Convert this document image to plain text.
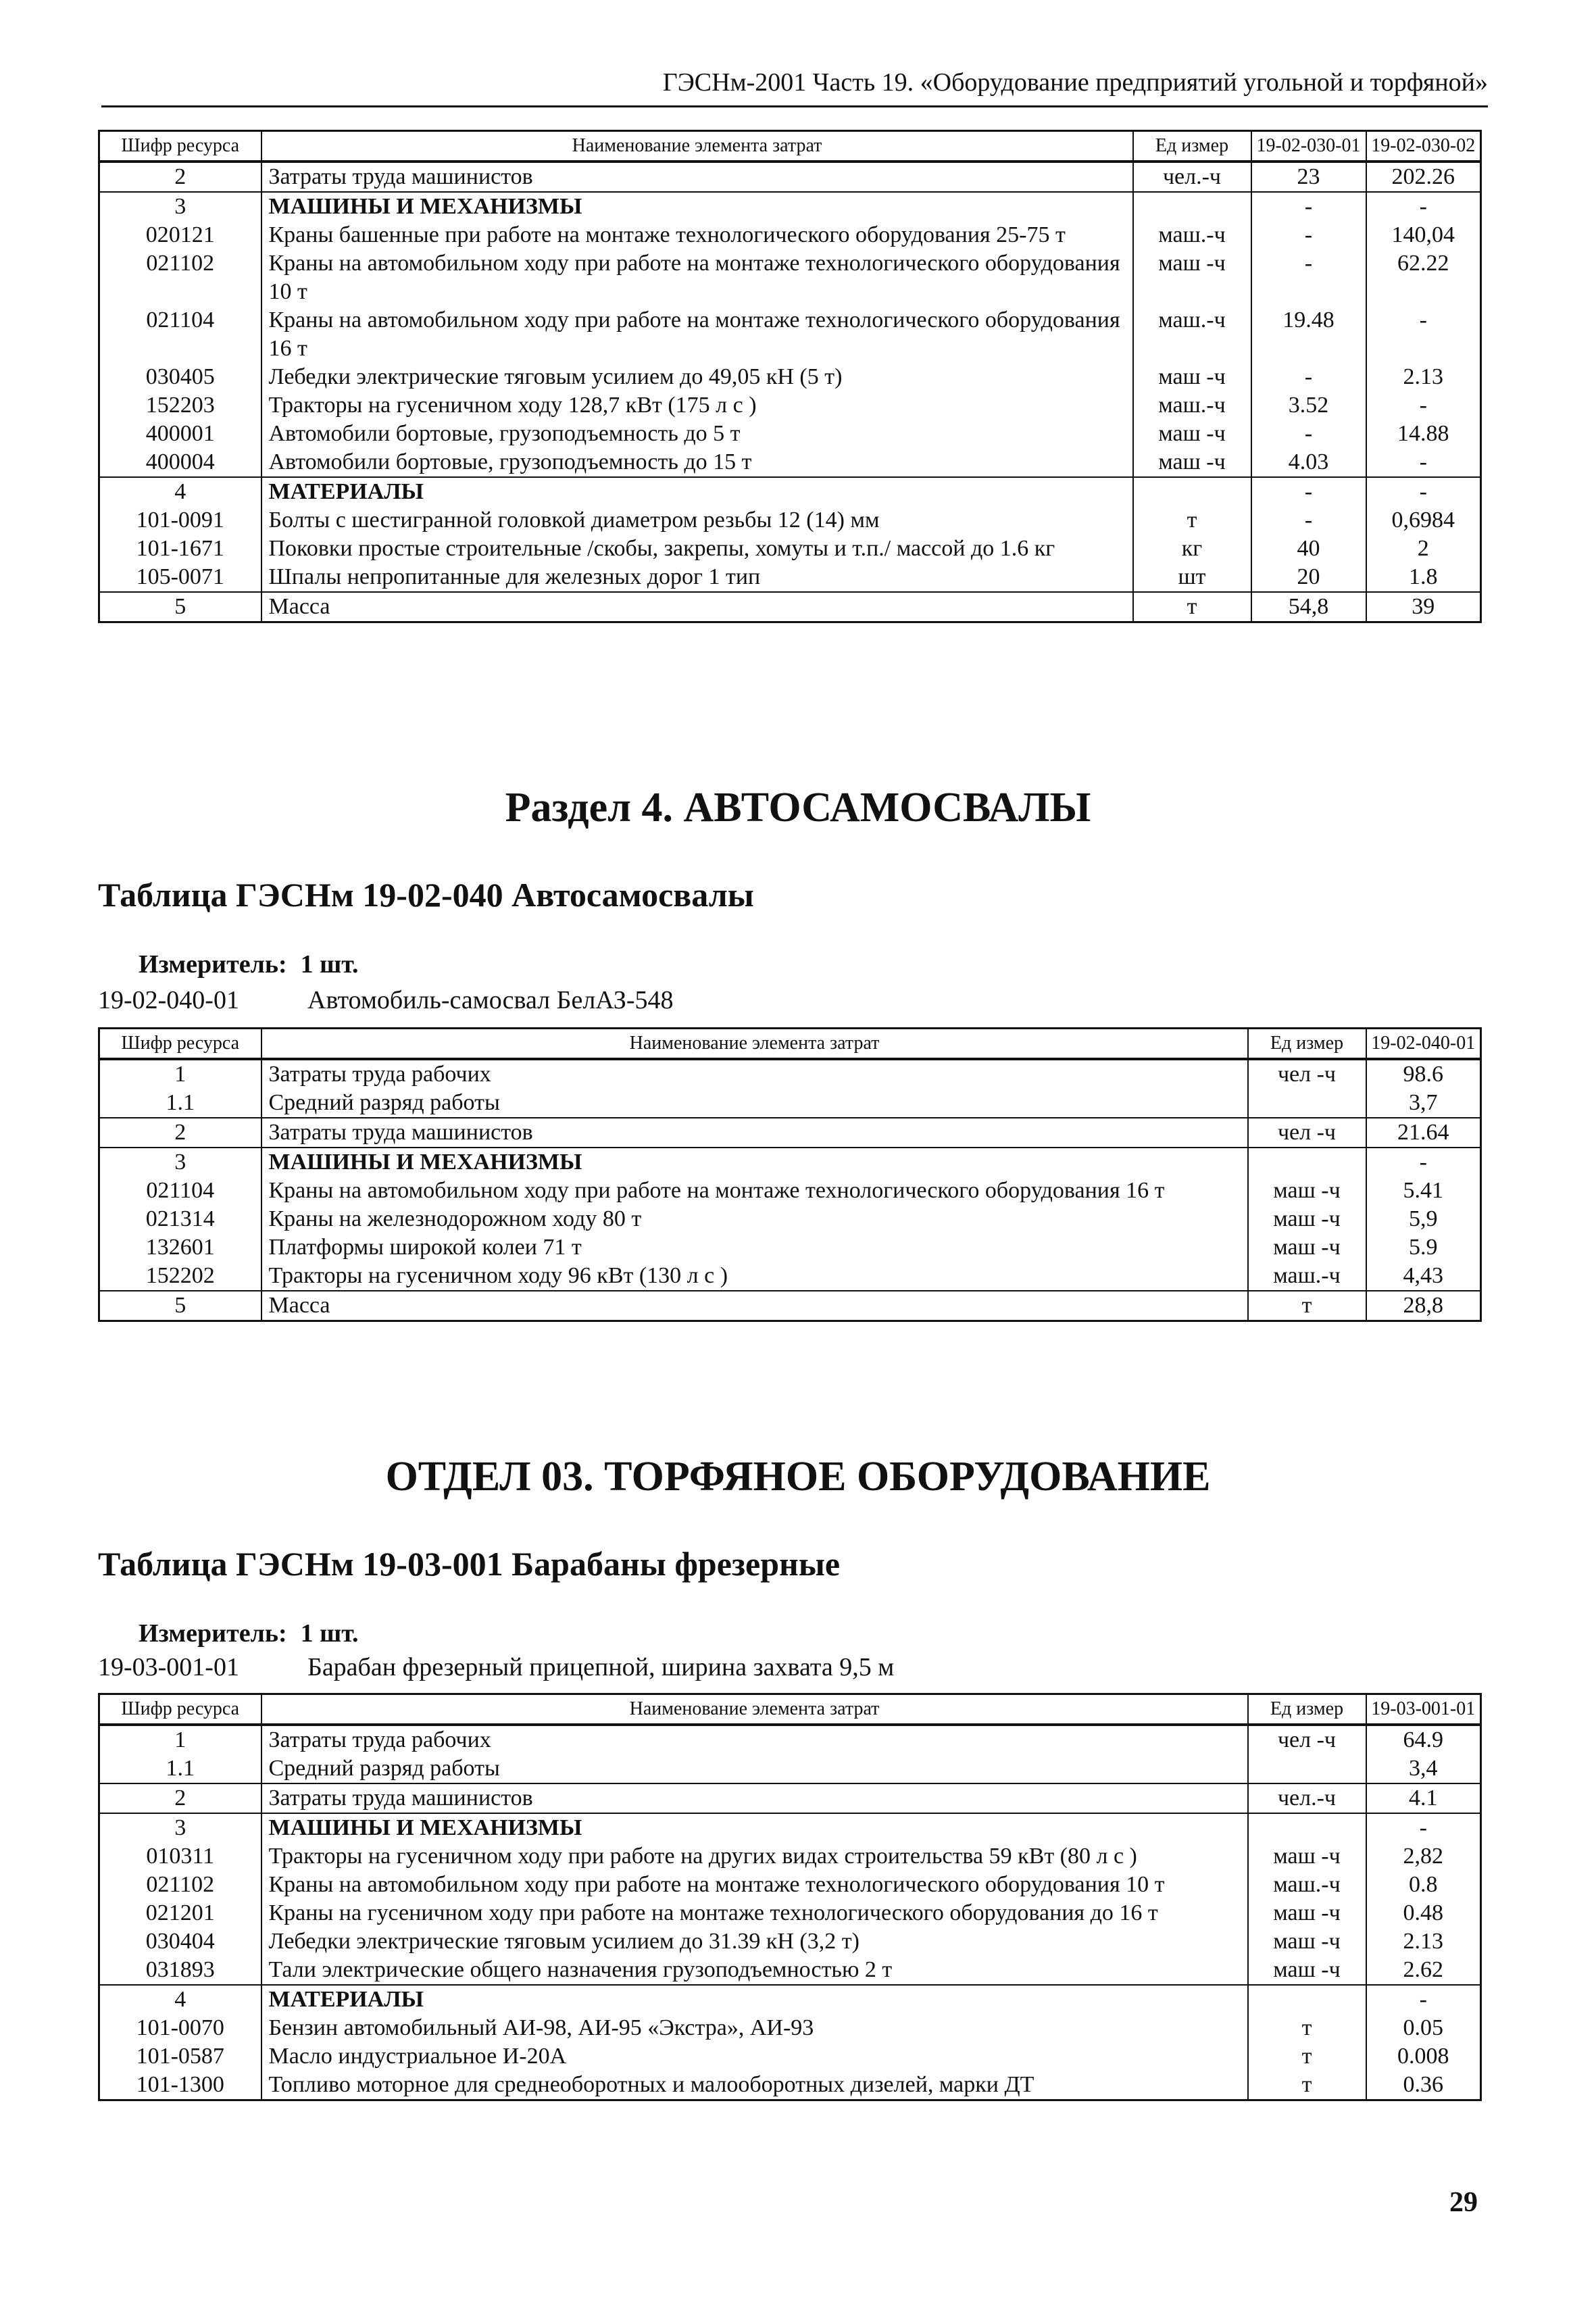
ГЭСНм-2001 Часть 19. «Оборудование предприятий угольной и торфяной»
Шифр ресурса	Наименование элемента затрат	Ед измер	19-02-030-01	19-02-030-02
2	Затраты труда машинистов	чел.-ч	23	202.26
3	МАШИНЫ И МЕХАНИЗМЫ		-	-
020121	Краны башенные при работе на монтаже технологического оборудования 25-75 т	маш.-ч	-	140,04
021102	Краны на автомобильном ходу при работе на монтаже технологического оборудования 10 т	маш -ч	-	62.22
021104	Краны на автомобильном ходу при работе на монтаже технологического оборудования 16 т	маш.-ч	19.48	-
030405	Лебедки электрические тяговым усилием до 49,05 кН (5 т)	маш -ч	-	2.13
152203	Тракторы на гусеничном ходу 128,7 кВт (175 л с )	маш.-ч	3.52	-
400001	Автомобили бортовые, грузоподъемность до 5 т	маш -ч	-	14.88
400004	Автомобили бортовые, грузоподъемность до 15 т	маш -ч	4.03	-
4	МАТЕРИАЛЫ		-	-
101-0091	Болты с шестигранной головкой диаметром резьбы 12 (14) мм	т	-	0,6984
101-1671	Поковки простые строительные /скобы, закрепы, хомуты и т.п./ массой до 1.6 кг	кг	40	2
105-0071	Шпалы непропитанные для железных дорог 1 тип	шт	20	1.8
5	Масса	т	54,8	39
Раздел 4. АВТОСАМОСВАЛЫ
Таблица ГЭСНм 19-02-040 Автосамосвалы
Измеритель: 1 шт.
19-02-040-01	Автомобиль-самосвал БелАЗ-548
Шифр ресурса	Наименование элемента затрат	Ед измер	19-02-040-01
1	Затраты труда рабочих	чел -ч	98.6
1.1	Средний разряд работы		3,7
2	Затраты труда машинистов	чел -ч	21.64
3	МАШИНЫ И МЕХАНИЗМЫ		-
021104	Краны на автомобильном ходу при работе на монтаже технологического оборудования 16 т	маш -ч	5.41
021314	Краны на железнодорожном ходу 80 т	маш -ч	5,9
132601	Платформы широкой колеи 71 т	маш -ч	5.9
152202	Тракторы на гусеничном ходу 96 кВт (130 л с )	маш.-ч	4,43
5	Масса	т	28,8
ОТДЕЛ 03. ТОРФЯНОЕ ОБОРУДОВАНИЕ
Таблица ГЭСНм 19-03-001 Барабаны фрезерные
Измеритель: 1 шт.
19-03-001-01	Барабан фрезерный прицепной, ширина захвата 9,5 м
Шифр ресурса	Наименование элемента затрат	Ед измер	19-03-001-01
1	Затраты труда рабочих	чел -ч	64.9
1.1	Средний разряд работы		3,4
2	Затраты труда машинистов	чел.-ч	4.1
3	МАШИНЫ И МЕХАНИЗМЫ		-
010311	Тракторы на гусеничном ходу при работе на других видах строительства 59 кВт (80 л с )	маш -ч	2,82
021102	Краны на автомобильном ходу при работе на монтаже технологического оборудования 10 т	маш.-ч	0.8
021201	Краны на гусеничном ходу при работе на монтаже технологического оборудования до 16 т	маш -ч	0.48
030404	Лебедки электрические тяговым усилием до 31.39 кН (3,2 т)	маш -ч	2.13
031893	Тали электрические общего назначения грузоподъемностью 2 т	маш -ч	2.62
4	МАТЕРИАЛЫ		-
101-0070	Бензин автомобильный АИ-98, АИ-95 «Экстра», АИ-93	т	0.05
101-0587	Масло индустриальное И-20А	т	0.008
101-1300	Топливо моторное для среднеоборотных и малооборотных дизелей, марки ДТ	т	0.36
29
